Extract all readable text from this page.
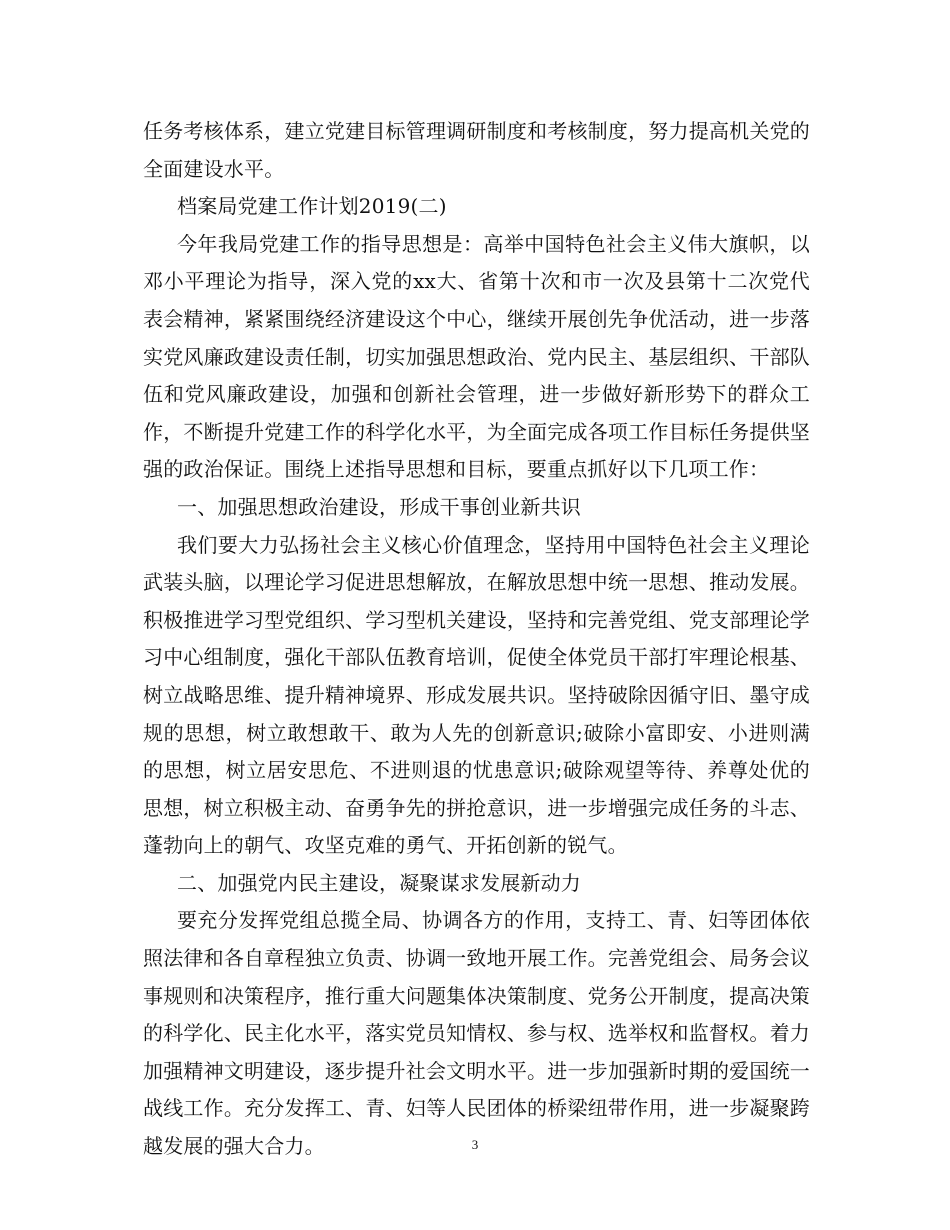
任务考核体系，建立党建目标管理调研制度和考核制度，努力提高机关党的全面建设水平。

档案局党建工作计划2019(二)

今年我局党建工作的指导思想是：高举中国特色社会主义伟大旗帜，以邓小平理论为指导，深入党的xx大、省第十次和市一次及县第十二次党代表会精神，紧紧围绕经济建设这个中心，继续开展创先争优活动，进一步落实党风廉政建设责任制，切实加强思想政治、党内民主、基层组织、干部队伍和党风廉政建设，加强和创新社会管理，进一步做好新形势下的群众工作，不断提升党建工作的科学化水平，为全面完成各项工作目标任务提供坚强的政治保证。围绕上述指导思想和目标，要重点抓好以下几项工作：

一、加强思想政治建设，形成干事创业新共识

我们要大力弘扬社会主义核心价值理念，坚持用中国特色社会主义理论武装头脑，以理论学习促进思想解放，在解放思想中统一思想、推动发展。积极推进学习型党组织、学习型机关建设，坚持和完善党组、党支部理论学习中心组制度，强化干部队伍教育培训，促使全体党员干部打牢理论根基、树立战略思维、提升精神境界、形成发展共识。坚持破除因循守旧、墨守成规的思想，树立敢想敢干、敢为人先的创新意识;破除小富即安、小进则满的思想，树立居安思危、不进则退的忧患意识;破除观望等待、养尊处优的思想，树立积极主动、奋勇争先的拼抢意识，进一步增强完成任务的斗志、蓬勃向上的朝气、攻坚克难的勇气、开拓创新的锐气。

二、加强党内民主建设，凝聚谋求发展新动力

要充分发挥党组总揽全局、协调各方的作用，支持工、青、妇等团体依照法律和各自章程独立负责、协调一致地开展工作。完善党组会、局务会议事规则和决策程序，推行重大问题集体决策制度、党务公开制度，提高决策的科学化、民主化水平，落实党员知情权、参与权、选举权和监督权。着力加强精神文明建设，逐步提升社会文明水平。进一步加强新时期的爱国统一战线工作。充分发挥工、青、妇等人民团体的桥梁纽带作用，进一步凝聚跨越发展的强大合力。	3
